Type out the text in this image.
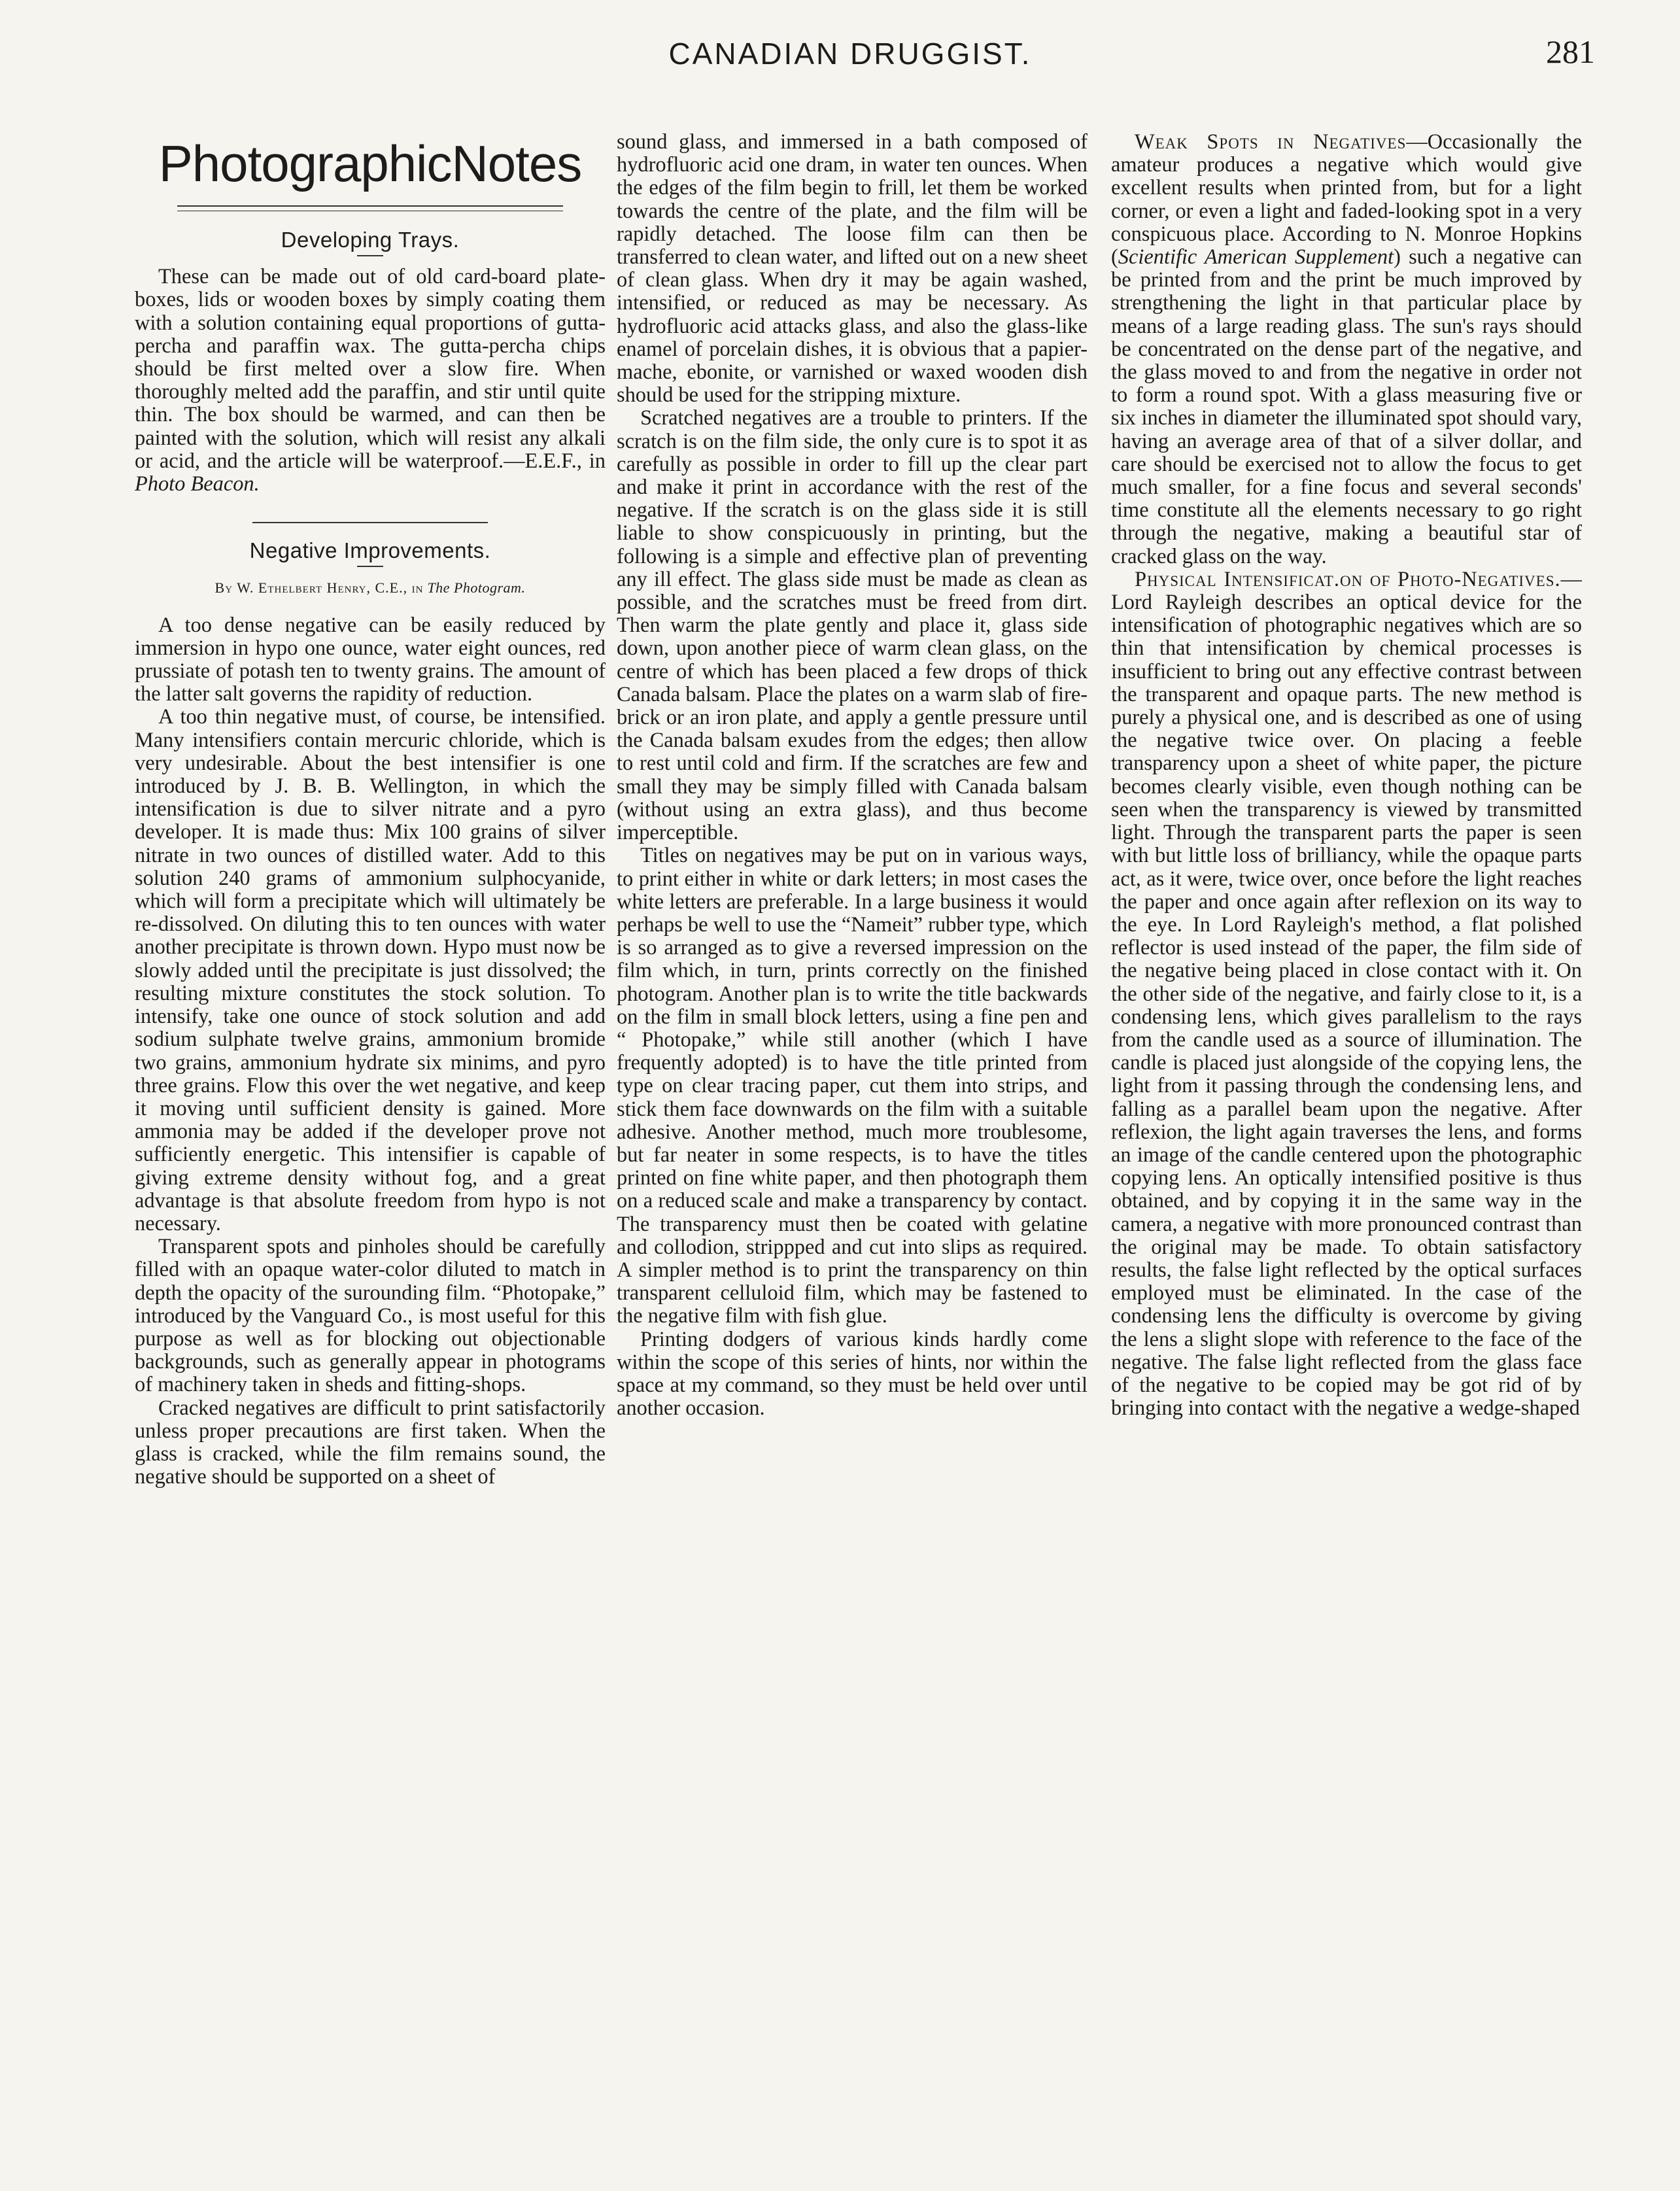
CANADIAN DRUGGIST.	281
PhotographicNotes
Developing Trays.

These can be made out of old card-board plate-boxes, lids or wooden boxes by simply coating them with a solution containing equal proportions of gutta-percha and paraffin wax. The gutta-percha chips should be first melted over a slow fire. When thoroughly melted add the paraffin, and stir until quite thin. The box should be warmed, and can then be painted with the solution, which will resist any alkali or acid, and the article will be waterproof.—E.E.F., in Photo Beacon.

Negative Improvements.
By W. Ethelbert Henry, C.E., in The Photogram.

A too dense negative can be easily reduced by immersion in hypo one ounce, water eight ounces, red prussiate of potash ten to twenty grains. The amount of the latter salt governs the rapidity of reduction.

A too thin negative must, of course, be intensified. Many intensifiers contain mercuric chloride, which is very undesirable. About the best intensifier is one introduced by J. B. B. Wellington, in which the intensification is due to silver nitrate and a pyro developer. It is made thus: Mix 100 grains of silver nitrate in two ounces of distilled water. Add to this solution 240 grams of ammonium sulphocyanide, which will form a precipitate which will ultimately be re-dissolved. On diluting this to ten ounces with water another precipitate is thrown down. Hypo must now be slowly added until the precipitate is just dissolved; the resulting mixture constitutes the stock solution. To intensify, take one ounce of stock solution and add sodium sulphate twelve grains, ammonium bromide two grains, ammonium hydrate six minims, and pyro three grains. Flow this over the wet negative, and keep it moving until sufficient density is gained. More ammonia may be added if the developer prove not sufficiently energetic. This intensifier is capable of giving extreme density without fog, and a great advantage is that absolute freedom from hypo is not necessary.

Transparent spots and pinholes should be carefully filled with an opaque water-color diluted to match in depth the opacity of the surounding film. “Photopake,” introduced by the Vanguard Co., is most useful for this purpose as well as for blocking out objectionable backgrounds, such as generally appear in photograms of machinery taken in sheds and fitting-shops.

Cracked negatives are difficult to print satisfactorily unless proper precautions are first taken. When the glass is cracked, while the film remains sound, the negative should be supported on a sheet of

sound glass, and immersed in a bath composed of hydrofluoric acid one dram, in water ten ounces. When the edges of the film begin to frill, let them be worked towards the centre of the plate, and the film will be rapidly detached. The loose film can then be transferred to clean water, and lifted out on a new sheet of clean glass. When dry it may be again washed, intensified, or reduced as may be necessary. As hydrofluoric acid attacks glass, and also the glass-like enamel of porcelain dishes, it is obvious that a papier-mache, ebonite, or varnished or waxed wooden dish should be used for the stripping mixture.

Scratched negatives are a trouble to printers. If the scratch is on the film side, the only cure is to spot it as carefully as possible in order to fill up the clear part and make it print in accordance with the rest of the negative. If the scratch is on the glass side it is still liable to show conspicuously in printing, but the following is a simple and effective plan of preventing any ill effect. The glass side must be made as clean as possible, and the scratches must be freed from dirt. Then warm the plate gently and place it, glass side down, upon another piece of warm clean glass, on the centre of which has been placed a few drops of thick Canada balsam. Place the plates on a warm slab of fire-brick or an iron plate, and apply a gentle pressure until the Canada balsam exudes from the edges; then allow to rest until cold and firm. If the scratches are few and small they may be simply filled with Canada balsam (without using an extra glass), and thus become imperceptible.

Titles on negatives may be put on in various ways, to print either in white or dark letters; in most cases the white letters are preferable. In a large business it would perhaps be well to use the “Nameit” rubber type, which is so arranged as to give a reversed impression on the film which, in turn, prints correctly on the finished photogram. Another plan is to write the title backwards on the film in small block letters, using a fine pen and “ Photopake,” while still another (which I have frequently adopted) is to have the title printed from type on clear tracing paper, cut them into strips, and stick them face downwards on the film with a suitable adhesive. Another method, much more troublesome, but far neater in some respects, is to have the titles printed on fine white paper, and then photograph them on a reduced scale and make a transparency by contact. The transparency must then be coated with gelatine and collodion, strippped and cut into slips as required. A simpler method is to print the transparency on thin transparent celluloid film, which may be fastened to the negative film with fish glue.

Printing dodgers of various kinds hardly come within the scope of this series of hints, nor within the space at my command, so they must be held over until another occasion.

Weak Spots in Negatives—Occasionally the amateur produces a negative which would give excellent results when printed from, but for a light corner, or even a light and faded-looking spot in a very conspicuous place. According to N. Monroe Hopkins (Scientific American Supplement) such a negative can be printed from and the print be much improved by strengthening the light in that particular place by means of a large reading glass. The sun's rays should be concentrated on the dense part of the negative, and the glass moved to and from the negative in order not to form a round spot. With a glass measuring five or six inches in diameter the illuminated spot should vary, having an average area of that of a silver dollar, and care should be exercised not to allow the focus to get much smaller, for a fine focus and several seconds' time constitute all the elements necessary to go right through the negative, making a beautiful star of cracked glass on the way.

Physical Intensificat.on of Photo-Negatives.—Lord Rayleigh describes an optical device for the intensification of photographic negatives which are so thin that intensification by chemical processes is insufficient to bring out any effective contrast between the transparent and opaque parts. The new method is purely a physical one, and is described as one of using the negative twice over. On placing a feeble transparency upon a sheet of white paper, the picture becomes clearly visible, even though nothing can be seen when the transparency is viewed by transmitted light. Through the transparent parts the paper is seen with but little loss of brilliancy, while the opaque parts act, as it were, twice over, once before the light reaches the paper and once again after reflexion on its way to the eye. In Lord Rayleigh's method, a flat polished reflector is used instead of the paper, the film side of the negative being placed in close contact with it. On the other side of the negative, and fairly close to it, is a condensing lens, which gives parallelism to the rays from the candle used as a source of illumination. The candle is placed just alongside of the copying lens, the light from it passing through the condensing lens, and falling as a parallel beam upon the negative. After reflexion, the light again traverses the lens, and forms an image of the candle centered upon the photographic copying lens. An optically intensified positive is thus obtained, and by copying it in the same way in the camera, a negative with more pronounced contrast than the original may be made. To obtain satisfactory results, the false light reflected by the optical surfaces employed must be eliminated. In the case of the condensing lens the difficulty is overcome by giving the lens a slight slope with reference to the face of the negative. The false light reflected from the glass face of the negative to be copied may be got rid of by bringing into contact with the negative a wedge-shaped
